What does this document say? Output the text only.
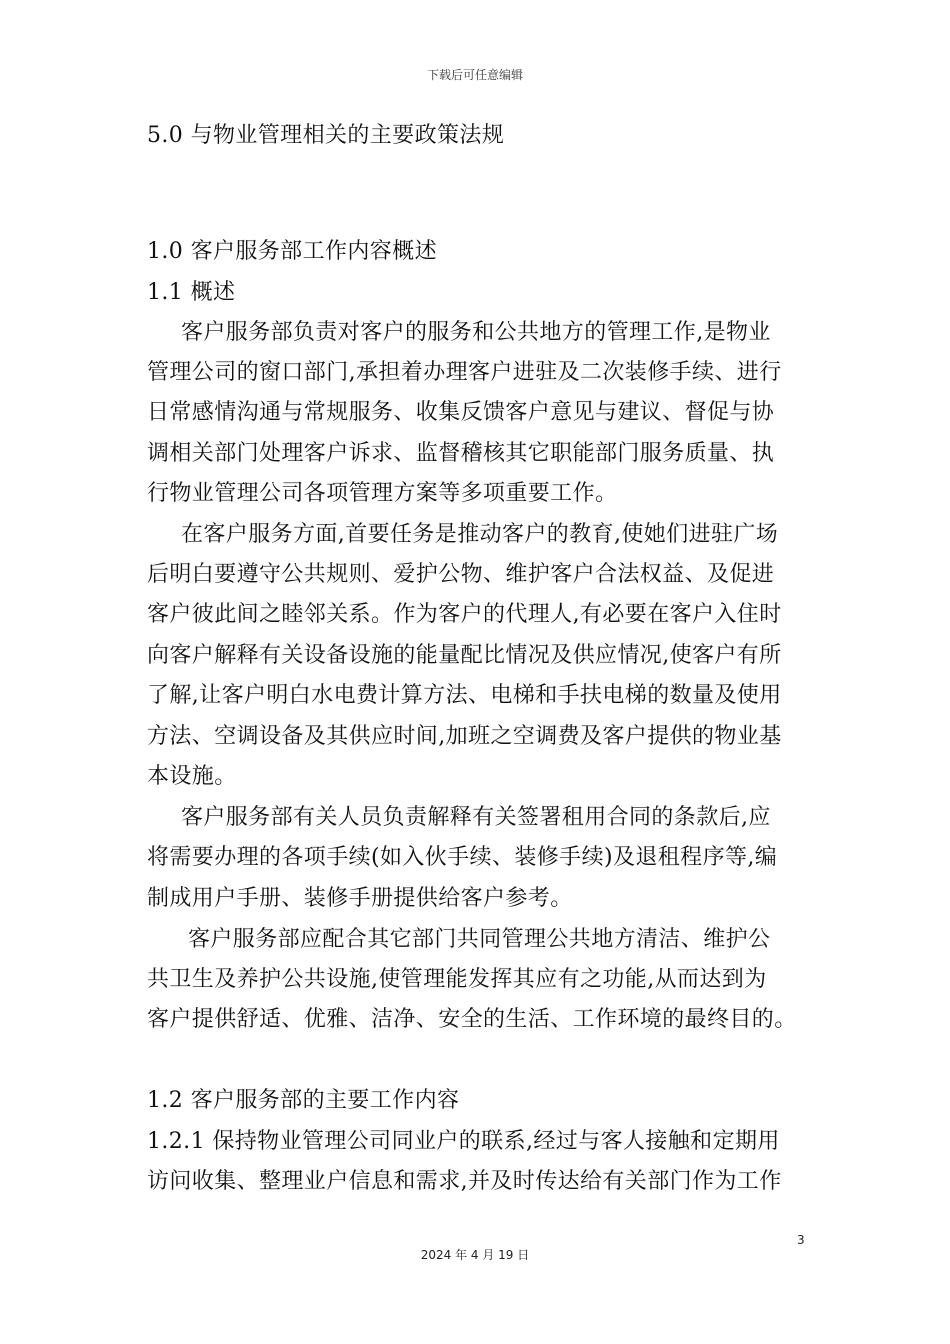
下载后可任意编辑
5.0 与物业管理相关的主要政策法规
1.0 客户服务部工作内容概述
1.1 概述
客户服务部负责对客户的服务和公共地方的管理工作,是物业
管理公司的窗口部门,承担着办理客户进驻及二次装修手续、进行
日常感情沟通与常规服务、收集反馈客户意见与建议、督促与协
调相关部门处理客户诉求、监督稽核其它职能部门服务质量、执
行物业管理公司各项管理方案等多项重要工作。
在客户服务方面,首要任务是推动客户的教育,使她们进驻广场
后明白要遵守公共规则、爱护公物、维护客户合法权益、及促进
客户彼此间之睦邻关系。作为客户的代理人,有必要在客户入住时
向客户解释有关设备设施的能量配比情况及供应情况,使客户有所
了解,让客户明白水电费计算方法、电梯和手扶电梯的数量及使用
方法、空调设备及其供应时间,加班之空调费及客户提供的物业基
本设施。
客户服务部有关人员负责解释有关签署租用合同的条款后,应
将需要办理的各项手续(如入伙手续、装修手续)及退租程序等,编
制成用户手册、装修手册提供给客户参考。
客户服务部应配合其它部门共同管理公共地方清洁、维护公
共卫生及养护公共设施,使管理能发挥其应有之功能,从而达到为
客户提供舒适、优雅、洁净、安全的生活、工作环境的最终目的。
1.2 客户服务部的主要工作内容
1.2.1 保持物业管理公司同业户的联系,经过与客人接触和定期用
访问收集、整理业户信息和需求,并及时传达给有关部门作为工作
3
2024 年 4 月 19 日
